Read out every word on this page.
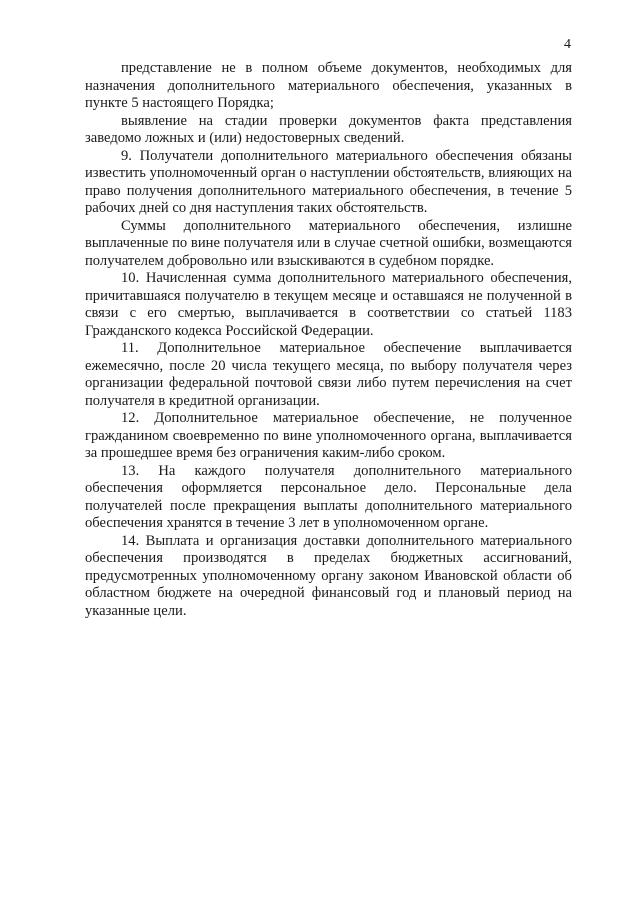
4

представление не в полном объеме документов, необходимых для назначения дополнительного материального обеспечения, указанных в пункте 5 настоящего Порядка;

выявление на стадии проверки документов факта представления заведомо ложных и (или) недостоверных сведений.

9. Получатели дополнительного материального обеспечения обязаны известить уполномоченный орган о наступлении обстоятельств, влияющих на право получения дополнительного материального обеспечения, в течение 5 рабочих дней со дня наступления таких обстоятельств.

Суммы дополнительного материального обеспечения, излишне выплаченные по вине получателя или в случае счетной ошибки, возмещаются получателем добровольно или взыскиваются в судебном порядке.

10. Начисленная сумма дополнительного материального обеспечения, причитавшаяся получателю в текущем месяце и оставшаяся не полученной в связи с его смертью, выплачивается в соответствии со статьей 1183 Гражданского кодекса Российской Федерации.

11. Дополнительное материальное обеспечение выплачивается ежемесячно, после 20 числа текущего месяца, по выбору получателя через организации федеральной почтовой связи либо путем перечисления на счет получателя в кредитной организации.

12. Дополнительное материальное обеспечение, не полученное гражданином своевременно по вине уполномоченного органа, выплачивается за прошедшее время без ограничения каким-либо сроком.

13. На каждого получателя дополнительного материального обеспечения оформляется персональное дело. Персональные дела получателей после прекращения выплаты дополнительного материального обеспечения хранятся в течение 3 лет в уполномоченном органе.

14. Выплата и организация доставки дополнительного материального обеспечения производятся в пределах бюджетных ассигнований, предусмотренных уполномоченному органу законом Ивановской области об областном бюджете на очередной финансовый год и плановый период на указанные цели.
